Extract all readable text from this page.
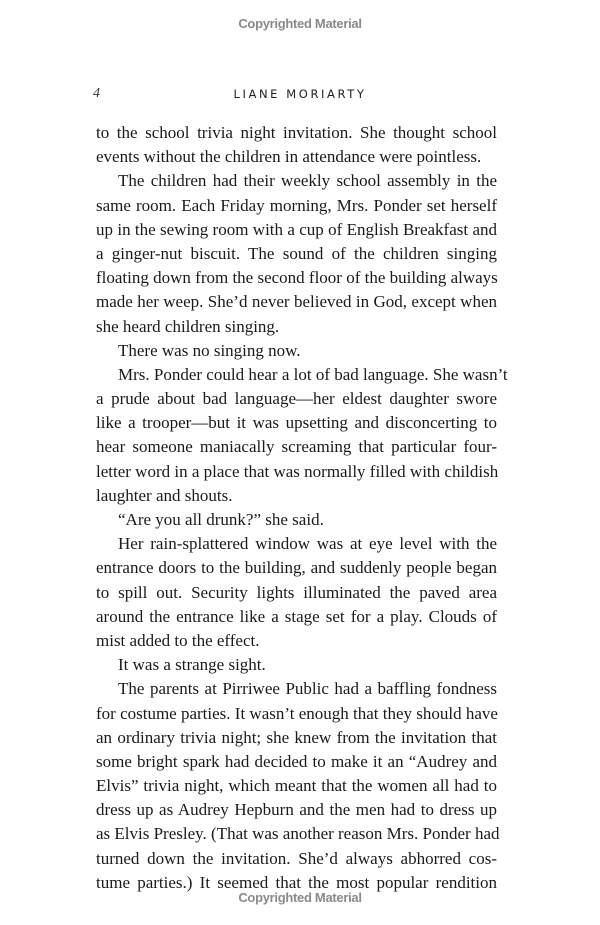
Copyrighted Material
4	LIANE MORIARTY
to the school trivia night invitation. She thought school
events without the children in attendance were pointless.
The children had their weekly school assembly in the
same room. Each Friday morning, Mrs. Ponder set herself
up in the sewing room with a cup of English Breakfast and
a ginger-nut biscuit. The sound of the children singing
floating down from the second floor of the building always
made her weep. She’d never believed in God, except when
she heard children singing.
There was no singing now.
Mrs. Ponder could hear a lot of bad language. She wasn’t
a prude about bad language—her eldest daughter swore
like a trooper—but it was upsetting and disconcerting to
hear someone maniacally screaming that particular four-
letter word in a place that was normally filled with childish
laughter and shouts.
“Are you all drunk?” she said.
Her rain-splattered window was at eye level with the
entrance doors to the building, and suddenly people began
to spill out. Security lights illuminated the paved area
around the entrance like a stage set for a play. Clouds of
mist added to the effect.
It was a strange sight.
The parents at Pirriwee Public had a baffling fondness
for costume parties. It wasn’t enough that they should have
an ordinary trivia night; she knew from the invitation that
some bright spark had decided to make it an “Audrey and
Elvis” trivia night, which meant that the women all had to
dress up as Audrey Hepburn and the men had to dress up
as Elvis Presley. (That was another reason Mrs. Ponder had
turned down the invitation. She’d always abhorred cos-
tume parties.) It seemed that the most popular rendition
Copyrighted Material
